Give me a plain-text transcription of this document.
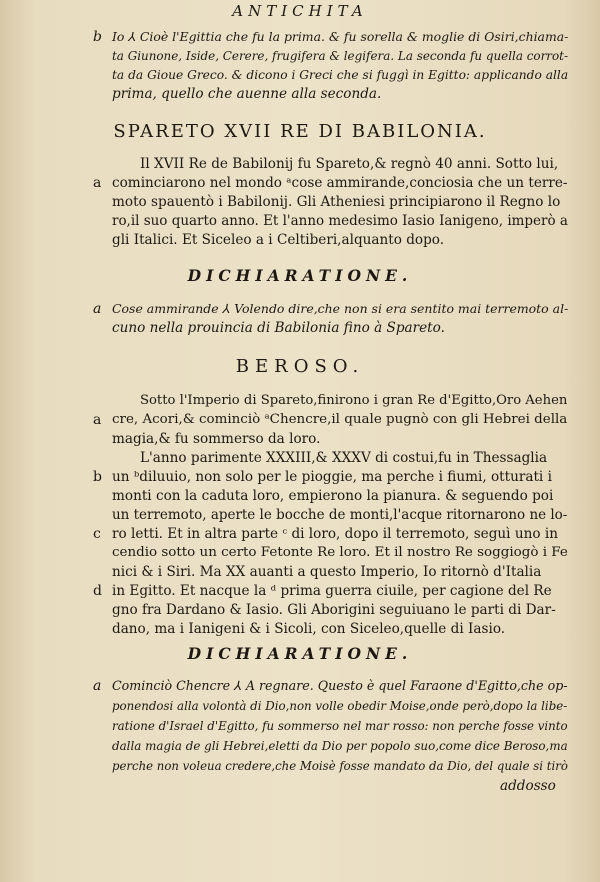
ANTICHITA
SPARETO XVII RE DI BABILONIA.
DICHIARATIONE.
BEROSO.
DICHIARATIONE.
Io ⅄ Cioè l'Egittia che fu la prima. & fu sorella & moglie di Osiri,chiama-
ta Giunone, Iside, Cerere, frugifera & legifera. La seconda fu quella corrot-
ta da Gioue Greco. & dicono i Greci che si fuggì in Egitto: applicando alla
prima, quello che auenne alla seconda.
Il XVII Re de Babilonij fu Spareto,& regnò 40 anni. Sotto lui,
cominciarono nel mondo ᵃcose ammirande,conciosia che un terre-
moto spauentò i Babilonij. Gli Atheniesi principiarono il Regno lo
ro,il suo quarto anno. Et l'anno medesimo Iasio Ianigeno, imperò a
gli Italici. Et Siceleo a i Celtiberi,alquanto dopo.
Cose ammirande ⅄ Volendo dire,che non si era sentito mai terremoto al-
cuno nella prouincia di Babilonia fino à Spareto.
Sotto l'Imperio di Spareto,finirono i gran Re d'Egitto,Oro Aehen
cre, Acori,& cominciò ᵃChencre,il quale pugnò con gli Hebrei della
magia,& fu sommerso da loro.
L'anno parimente XXXIII,& XXXV di costui,fu in Thessaglia
un ᵇdiluuio, non solo per le pioggie, ma perche i fiumi, otturati i
monti con la caduta loro, empierono la pianura. & seguendo poi
un terremoto, aperte le bocche de monti,l'acque ritornarono ne lo-
ro letti. Et in altra parte ᶜ di loro, dopo il terremoto, seguì uno in
cendio sotto un certo Fetonte Re loro. Et il nostro Re soggiogò i Fe
nici & i Siri. Ma XX auanti a questo Imperio, Io ritornò d'Italia
in Egitto. Et nacque la ᵈ prima guerra ciuile, per cagione del Re
gno fra Dardano & Iasio. Gli Aborigini seguiuano le parti di Dar-
dano, ma i Ianigeni & i Sicoli, con Siceleo,quelle di Iasio.
Cominciò Chencre ⅄ A regnare. Questo è quel Faraone d'Egitto,che op-
ponendosi alla volontà di Dio,non volle obedir Moise,onde però,dopo la libe-
ratione d'Israel d'Egitto, fu sommerso nel mar rosso: non perche fosse vinto
dalla magia de gli Hebrei,eletti da Dio per popolo suo,come dice Beroso,ma
perche non voleua credere,che Moisè fosse mandato da Dio, del quale si tirò
addosso
b
a
a
a
b
c
d
a
